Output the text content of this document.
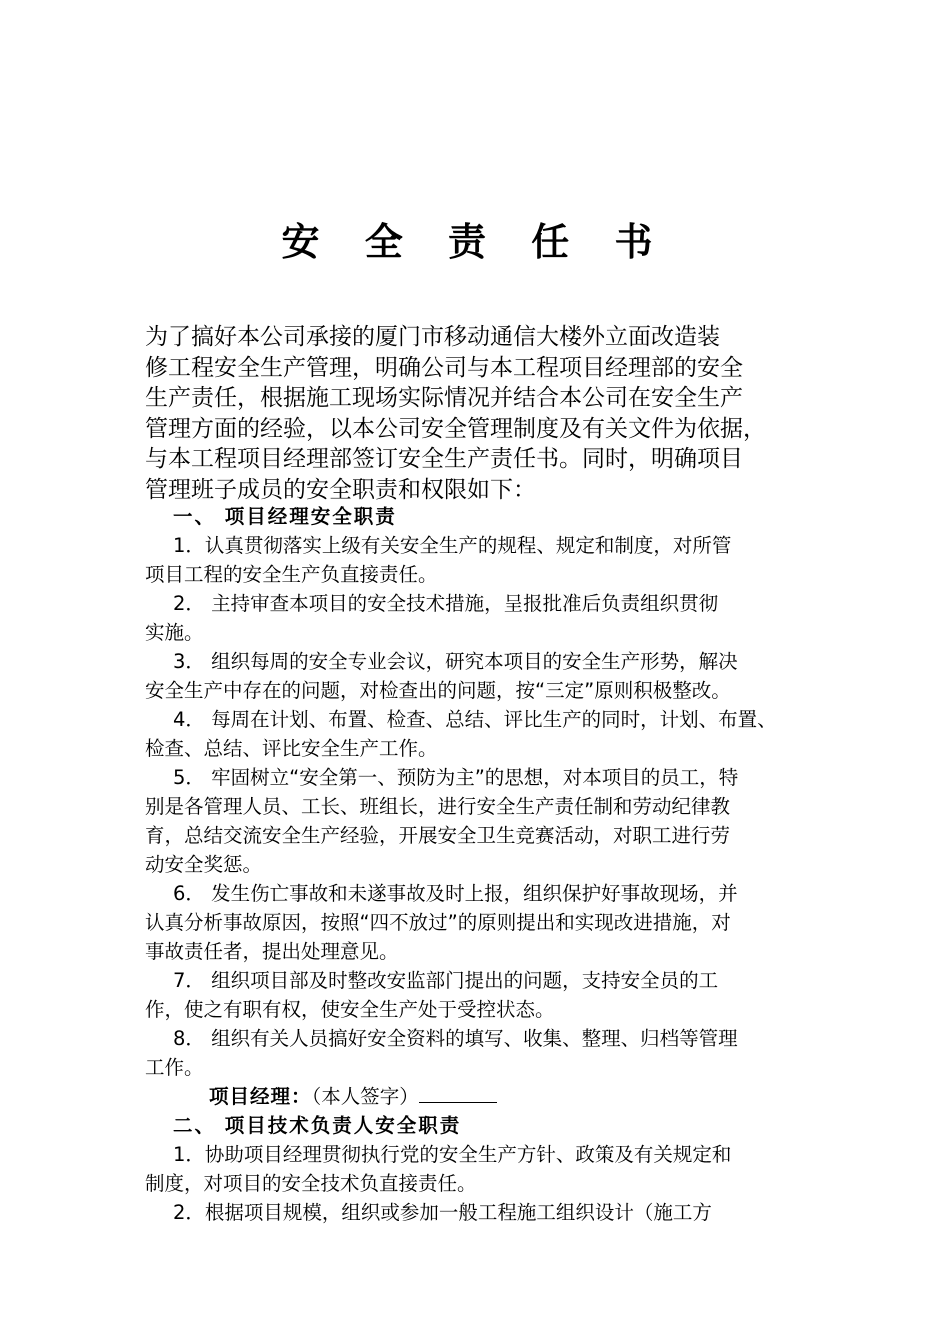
安 全 责 任 书
为了搞好本公司承接的厦门市移动通信大楼外立面改造装
修工程安全生产管理，明确公司与本工程项目经理部的安全
生产责任，根据施工现场实际情况并结合本公司在安全生产
管理方面的经验，以本公司安全管理制度及有关文件为依据，
与本工程项目经理部签订安全生产责任书。同时，明确项目
管理班子成员的安全职责和权限如下：
一、 项目经理安全职责
1．认真贯彻落实上级有关安全生产的规程、规定和制度，对所管
项目工程的安全生产负直接责任。
2． 主持审查本项目的安全技术措施，呈报批准后负责组织贯彻
实施。
3． 组织每周的安全专业会议，研究本项目的安全生产形势，解决
安全生产中存在的问题，对检查出的问题，按“三定”原则积极整改。
4． 每周在计划、布置、检查、总结、评比生产的同时，计划、布置、
检查、总结、评比安全生产工作。
5． 牢固树立“安全第一、预防为主”的思想，对本项目的员工，特
别是各管理人员、工长、班组长，进行安全生产责任制和劳动纪律教
育，总结交流安全生产经验，开展安全卫生竞赛活动，对职工进行劳
动安全奖惩。
6． 发生伤亡事故和未遂事故及时上报，组织保护好事故现场，并
认真分析事故原因，按照“四不放过”的原则提出和实现改进措施，对
事故责任者，提出处理意见。
7． 组织项目部及时整改安监部门提出的问题，支持安全员的工
作，使之有职有权，使安全生产处于受控状态。
8． 组织有关人员搞好安全资料的填写、收集、整理、归档等管理
工作。
项目经理：（本人签字）
二、 项目技术负责人安全职责
1．协助项目经理贯彻执行党的安全生产方针、政策及有关规定和
制度，对项目的安全技术负直接责任。
2．根据项目规模，组织或参加一般工程施工组织设计（施工方
